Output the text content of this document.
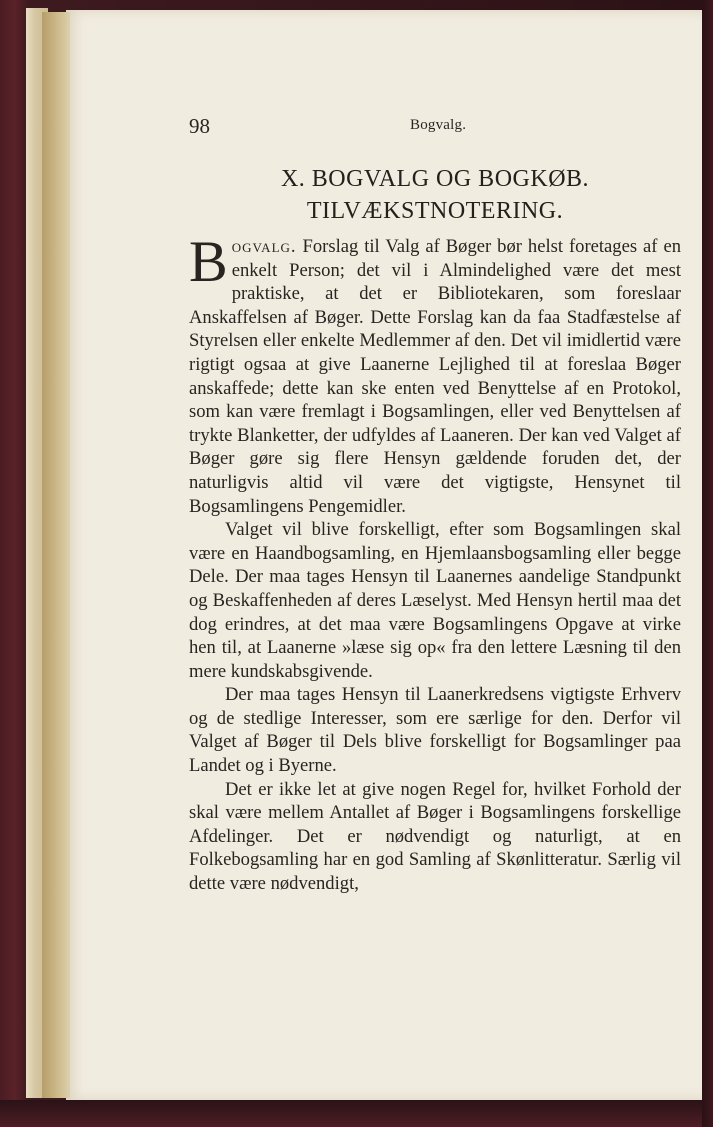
98	Bogvalg.
X. BOGVALG OG BOGKØB.
TILVÆKSTNOTERING.

Bogvalg. Forslag til Valg af Bøger bør helst foretages af en enkelt Person; det vil i Almindelighed være det mest praktiske, at det er Bibliotekaren, som foreslaar Anskaffelsen af Bøger. Dette Forslag kan da faa Stadfæstelse af Styrelsen eller enkelte Medlemmer af den. Det vil imidlertid være rigtigt ogsaa at give Laanerne Lejlighed til at foreslaa Bøger anskaffede; dette kan ske enten ved Benyttelse af en Protokol, som kan være fremlagt i Bogsamlingen, eller ved Benyttelsen af trykte Blanketter, der udfyldes af Laaneren. Der kan ved Valget af Bøger gøre sig flere Hensyn gældende foruden det, der naturligvis altid vil være det vigtigste, Hensynet til Bogsamlingens Pengemidler.

Valget vil blive forskelligt, efter som Bogsamlingen skal være en Haandbogsamling, en Hjemlaansbogsamling eller begge Dele. Der maa tages Hensyn til Laanernes aandelige Standpunkt og Beskaffenheden af deres Læselyst. Med Hensyn hertil maa det dog erindres, at det maa være Bogsamlingens Opgave at virke hen til, at Laanerne »læse sig op« fra den lettere Læsning til den mere kundskabsgivende.

Der maa tages Hensyn til Laanerkredsens vigtigste Erhverv og de stedlige Interesser, som ere særlige for den. Derfor vil Valget af Bøger til Dels blive forskelligt for Bogsamlinger paa Landet og i Byerne.

Det er ikke let at give nogen Regel for, hvilket Forhold der skal være mellem Antallet af Bøger i Bogsamlingens forskellige Afdelinger. Det er nødvendigt og naturligt, at en Folkebogsamling har en god Samling af Skønlitteratur. Særlig vil dette være nødvendigt,
